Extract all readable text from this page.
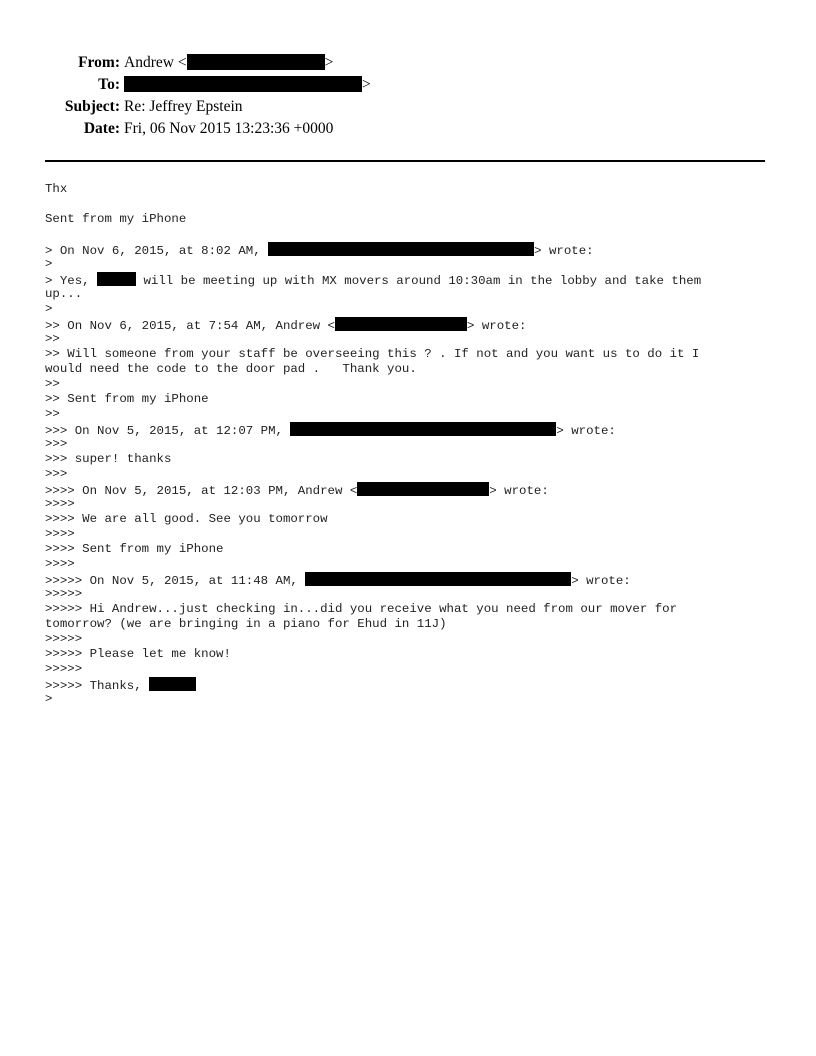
From: Andrew <	>
To:	>
Subject: Re: Jeffrey Epstein
Date: Fri, 06 Nov 2015 13:23:36 +0000
Thx
Sent from my iPhone
> On Nov 6, 2015, at 8:02 AM,	> wrote:
>
> Yes,	will be meeting up with MX movers around 10:30am in the lobby and take them
up...
>
>> On Nov 6, 2015, at 7:54 AM, Andrew <	> wrote:
>>
>> Will someone from your staff be overseeing this ? . If not and you want us to do it I
would need the code to the door pad .   Thank you.
>>
>> Sent from my iPhone
>>
>>> On Nov 5, 2015, at 12:07 PM,	> wrote:
>>>
>>> super! thanks
>>>
>>>> On Nov 5, 2015, at 12:03 PM, Andrew <	> wrote:
>>>>
>>>> We are all good. See you tomorrow
>>>>
>>>> Sent from my iPhone
>>>>
>>>>> On Nov 5, 2015, at 11:48 AM,	> wrote:
>>>>>
>>>>> Hi Andrew...just checking in...did you receive what you need from our mover for
tomorrow? (we are bringing in a piano for Ehud in 11J)
>>>>>
>>>>> Please let me know!
>>>>>
>>>>> Thanks,
>
